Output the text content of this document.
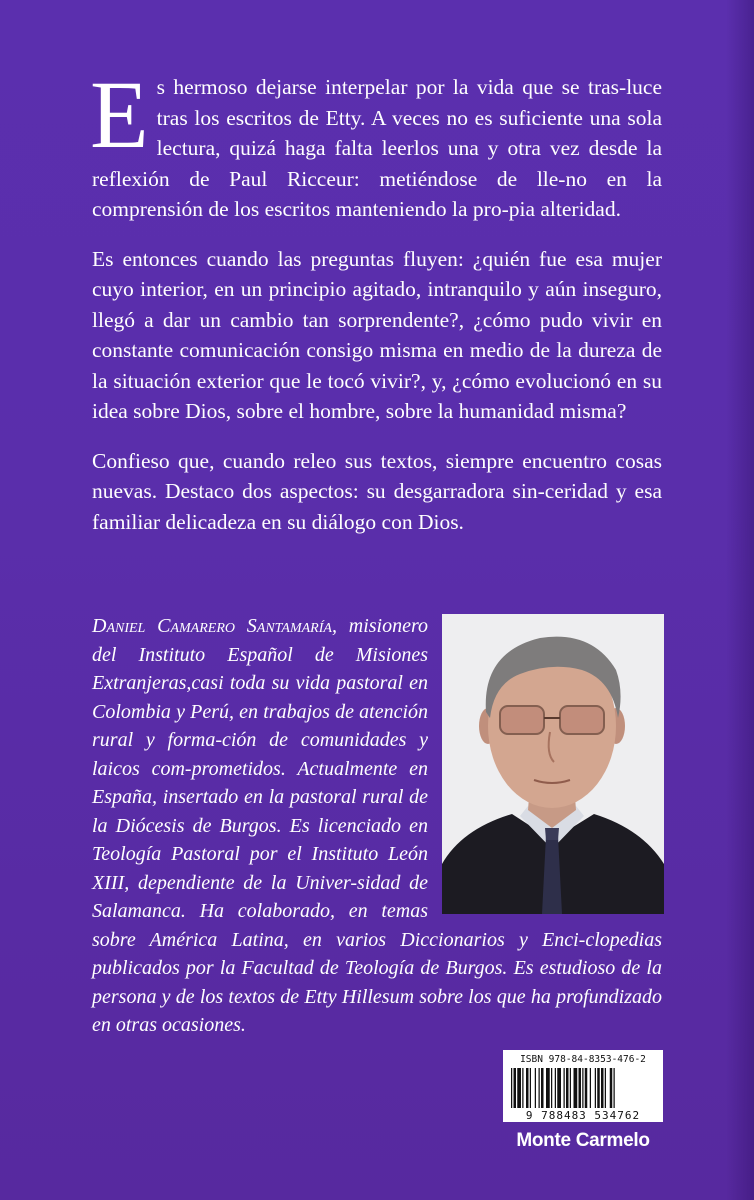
Es hermoso dejarse interpelar por la vida que se tras-luce tras los escritos de Etty. A veces no es suficiente una sola lectura, quizá haga falta leerlos una y otra vez desde la reflexión de Paul Ricceur: metiéndose de lle-no en la comprensión de los escritos manteniendo la pro-pia alteridad.

Es entonces cuando las preguntas fluyen: ¿quién fue esa mujer cuyo interior, en un principio agitado, intranquilo y aún inseguro, llegó a dar un cambio tan sorprendente?, ¿cómo pudo vivir en constante comunicación consigo misma en medio de la dureza de la situación exterior que le tocó vivir?, y, ¿cómo evolucionó en su idea sobre Dios, sobre el hombre, sobre la humanidad misma?

Confieso que, cuando releo sus textos, siempre encuentro cosas nuevas. Destaco dos aspectos: su desgarradora sin-ceridad y esa familiar delicadeza en su diálogo con Dios.

Daniel Camarero Santamaría, misionero del Instituto Español de Misiones Extranjeras,casi toda su vida pastoral en Colombia y Perú, en trabajos de atención rural y forma-ción de comunidades y laicos com-prometidos. Actualmente en España, insertado en la pastoral rural de la Diócesis de Burgos. Es licenciado en Teología Pastoral por el Instituto León XIII, dependiente de la Univer-sidad de Salamanca. Ha colaborado, en temas sobre América Latina, en varios Diccionarios y Enci-clopedias publicados por la Facultad de Teología de Burgos. Es estudioso de la persona y de los textos de Etty Hillesum sobre los que ha profundizado en otras ocasiones.
ISBN 978-84-8353-476-2
9 788483 534762
Monte Carmelo
